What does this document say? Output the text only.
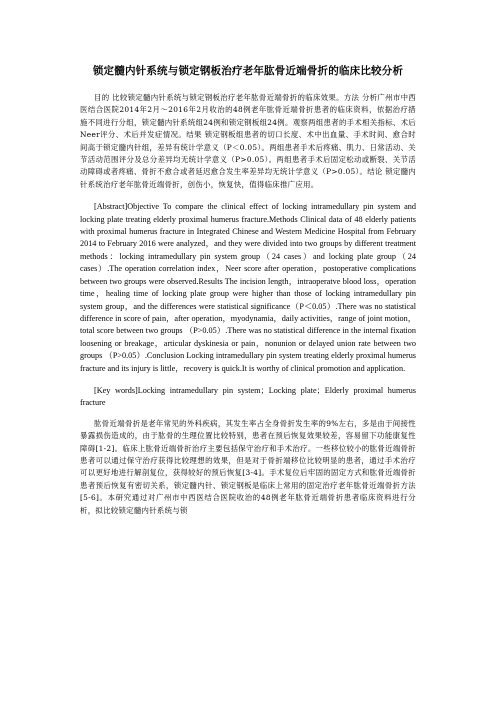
锁定髓内针系统与锁定钢板治疗老年肱骨近端骨折的临床比较分析

目的 比较锁定髓内针系统与锁定钢板治疗老年肱骨近端骨折的临床效果。方法 分析广州市中西医结合医院2014年2月～2016年2月收治的48例老年肱骨近端骨折患者的临床资料，依据治疗措施不同进行分组，锁定髓内针系统组24例和锁定钢板组24例。观察两组患者的手术相关指标、术后Neer评分、术后并发症情况。结果 锁定钢板组患者的切口长度、术中出血量、手术时间、愈合时间高于锁定髓内针组，差异有统计学意义（P＜0.05）。两组患者手术后疼痛、肌力、日常活动、关节活动范围评分及总分差异均无统计学意义（P>0.05）。两组患者手术后固定松动或断裂、关节活动障碍或者疼痛、骨折不愈合或者延迟愈合发生率差异均无统计学意义（P>0.05）。结论 锁定髓内针系统治疗老年肱骨近端骨折，创伤小，恢复快，值得临床推广应用。

[Abstract]Objective To compare the clinical effect of locking intramedullary pin system and locking plate treating elderly proximal humerus fracture.Methods Clinical data of 48 elderly patients with proximal humerus fracture in Integrated Chinese and Western Medicine Hospital from February 2014 to February 2016 were analyzed，and they were divided into two groups by different treatment methods：locking intramedullary pin system group（24 cases）and locking plate group（24 cases）.The operation correlation index，Neer score after operation，postoperative complications between two groups were observed.Results The incision length，intraoperatve blood loss，operation time，healing time of locking plate group were higher than those of locking intramedullary pin system group，and the differences were statistical significance（P＜0.05）.There was no statistical difference in score of pain，after operation，myodynamia，daily activities，range of joint motion，total score between two groups （P>0.05）.There was no statistical difference in the internal fixation loosening or breakage，articular dyskinesia or pain，nonunion or delayed union rate between two groups （P>0.05）.Conclusion Locking intramedullary pin system treating elderly proximal humerus fracture and its injury is little，recovery is quick.It is worthy of clinical promotion and application.

[Key words]Locking intramedullary pin system；Locking plate；Elderly proximal humerus fracture

肱骨近端骨折是老年常见的外科疾病，其发生率占全身骨折发生率的9%左右，多是由于间接性暴露损伤造成的，由于肱骨的生理位置比较特别，患者在预后恢复效果较差，容易留下功能康复性障碍[1-2]。临床上肱骨近端骨折治疗主要包括保守治疗和手术治疗。一些移位较小的肱骨近端骨折患者可以通过保守治疗获得比较理想的效果，但是对于骨折端移位比较明显的患者，通过手术治疗可以更好地进行解剖复位，获得较好的预后恢复[3-4]。手术复位后牢固的固定方式和肱骨近端骨折患者预后恢复有密切关系，锁定髓内针、锁定钢板是临床上常用的固定治疗老年肱骨近端骨折方法[5-6]。本研究通过对广州市中西医结合医院收治的48例老年肱骨近端骨折患者临床资料进行分析，拟比较锁定髓内针系统与锁
